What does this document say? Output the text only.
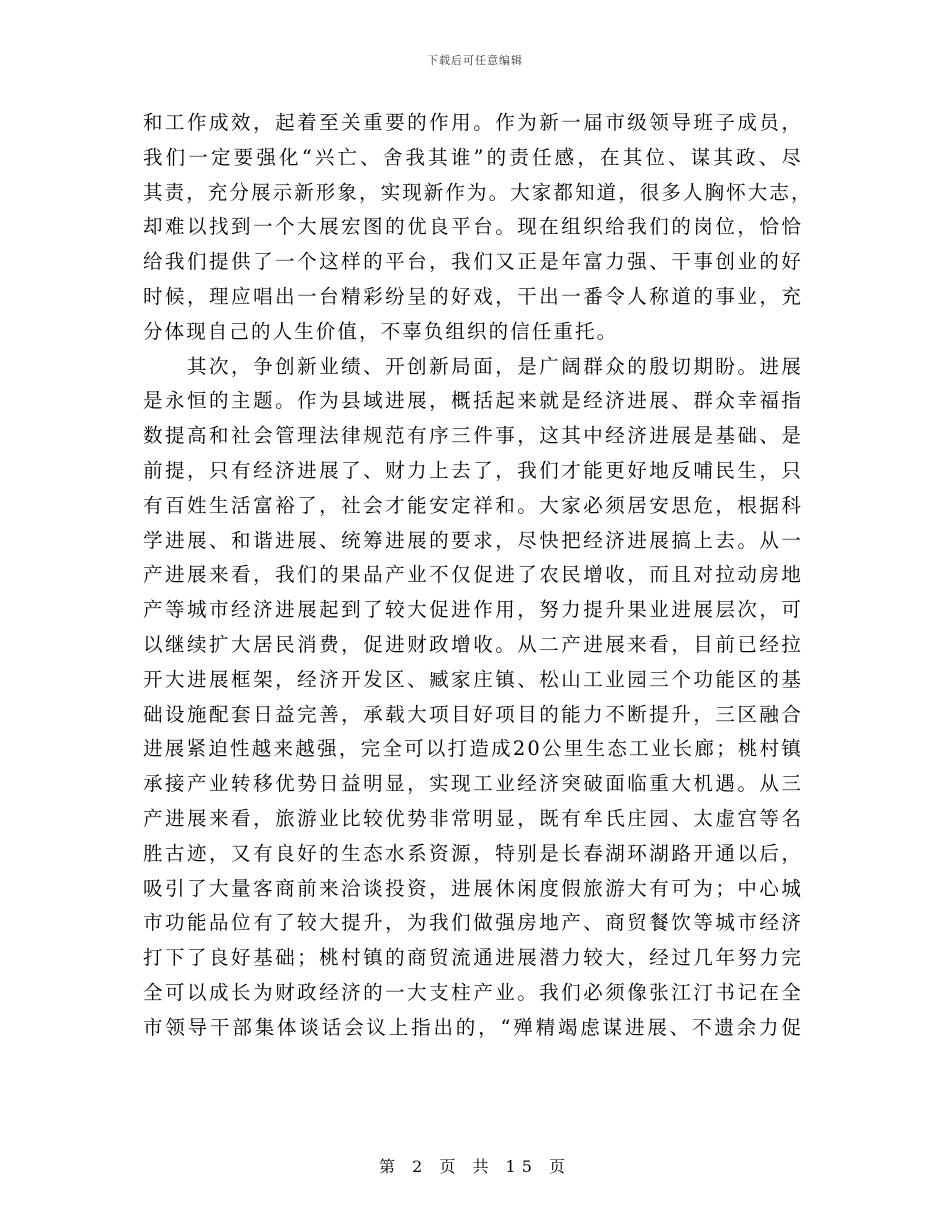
下载后可任意编辑
和工作成效，起着至关重要的作用。作为新一届市级领导班子成员，
我们一定要强化“兴亡、舍我其谁”的责任感，在其位、谋其政、尽
其责，充分展示新形象，实现新作为。大家都知道，很多人胸怀大志，
却难以找到一个大展宏图的优良平台。现在组织给我们的岗位，恰恰
给我们提供了一个这样的平台，我们又正是年富力强、干事创业的好
时候，理应唱出一台精彩纷呈的好戏，干出一番令人称道的事业，充
分体现自己的人生价值，不辜负组织的信任重托。
　　其次，争创新业绩、开创新局面，是广阔群众的殷切期盼。进展
是永恒的主题。作为县域进展，概括起来就是经济进展、群众幸福指
数提高和社会管理法律规范有序三件事，这其中经济进展是基础、是
前提，只有经济进展了、财力上去了，我们才能更好地反哺民生，只
有百姓生活富裕了，社会才能安定祥和。大家必须居安思危，根据科
学进展、和谐进展、统筹进展的要求，尽快把经济进展搞上去。从一
产进展来看，我们的果品产业不仅促进了农民增收，而且对拉动房地
产等城市经济进展起到了较大促进作用，努力提升果业进展层次，可
以继续扩大居民消费，促进财政增收。从二产进展来看，目前已经拉
开大进展框架，经济开发区、臧家庄镇、松山工业园三个功能区的基
础设施配套日益完善，承载大项目好项目的能力不断提升，三区融合
进展紧迫性越来越强，完全可以打造成20公里生态工业长廊；桃村镇
承接产业转移优势日益明显，实现工业经济突破面临重大机遇。从三
产进展来看，旅游业比较优势非常明显，既有牟氏庄园、太虚宫等名
胜古迹，又有良好的生态水系资源，特别是长春湖环湖路开通以后，
吸引了大量客商前来洽谈投资，进展休闲度假旅游大有可为；中心城
市功能品位有了较大提升，为我们做强房地产、商贸餐饮等城市经济
打下了良好基础；桃村镇的商贸流通进展潜力较大，经过几年努力完
全可以成长为财政经济的一大支柱产业。我们必须像张江汀书记在全
市领导干部集体谈话会议上指出的，“殚精竭虑谋进展、不遗余力促
第 2 页 共 15 页
